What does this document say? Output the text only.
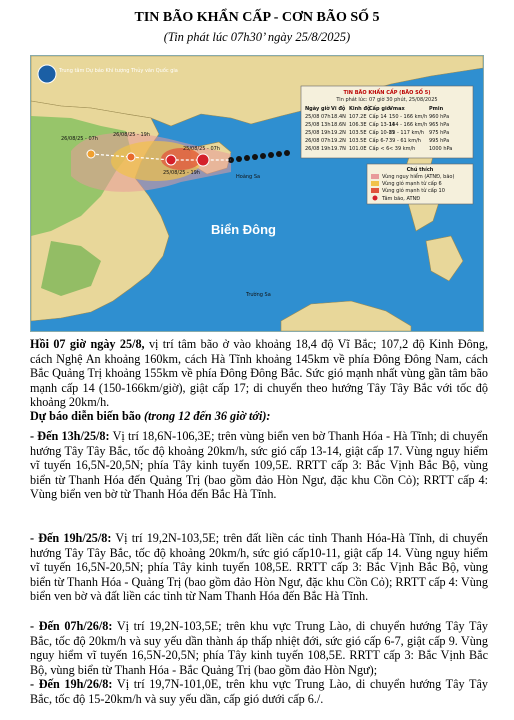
TIN BÃO KHẨN CẤP - CƠN BÃO SỐ 5
(Tin phát lúc 07h30’ ngày 25/8/2025)
26/08/25 - 07h
26/08/25 - 19h
25/08/25 - 19h
25/08/25 - 07h
Biển Đông
Hoàng Sa
Trường Sa
Trung tâm Dự báo Khí tượng Thủy văn Quốc gia
TIN BÃO KHẨN CẤP (BÃO SỐ 5)
Tin phát lúc: 07 giờ 30 phút, 25/08/2025
Ngày giờ Vĩ độ Kinh độ
Cấp gió
Vmax	Pmin
25/08 07h 18.4N 107.2E Cấp 14 150 - 166 km/h 960 hPa
25/08 13h 18.6N 106.3E Cấp 13-14
134 - 166 km/h 965 hPa
25/08 19h 19.2N 103.5E Cấp 10-11
89 - 117 km/h 975 hPa
26/08 07h 19.2N 103.5E Cấp 6-7 39 - 61 km/h 995 hPa
26/08 19h 19.7N 101.0E Cấp < 6 < 39 km/h	1000 hPa
Chú thích
Vùng nguy hiểm (ATNĐ, bão)
Vùng gió mạnh từ cấp 6
Vùng gió mạnh từ cấp 10
Tâm bão, ATNĐ
Hồi 07 giờ ngày 25/8, vị trí tâm bão ở vào khoảng 18,4 độ Vĩ Bắc; 107,2 độ Kinh Đông, cách Nghệ An khoảng 160km, cách Hà Tĩnh khoảng 145km về phía Đông Đông Nam, cách Bắc Quảng Trị khoảng 155km về phía Đông Đông Bắc. Sức gió mạnh nhất vùng gần tâm bão mạnh cấp 14 (150-166km/giờ), giật cấp 17; di chuyển theo hướng Tây Tây Bắc với tốc độ khoảng 20km/h.
Dự báo diễn biến bão (trong 12 đến 36 giờ tới):
- Đến 13h/25/8: Vị trí 18,6N-106,3E; trên vùng biển ven bờ Thanh Hóa - Hà Tĩnh; di chuyển hướng Tây Tây Bắc, tốc độ khoảng 20km/h, sức gió cấp 13-14, giật cấp 17. Vùng nguy hiểm vĩ tuyến 16,5N-20,5N; phía Tây kinh tuyến 109,5E. RRTT cấp 3: Bắc Vịnh Bắc Bộ, vùng biển từ Thanh Hóa đến Quảng Trị (bao gồm đảo Hòn Ngư, đặc khu Cồn Cỏ); RRTT cấp 4: Vùng biển ven bờ từ Thanh Hóa đến Bắc Hà Tĩnh.
- Đến 19h/25/8: Vị trí 19,2N-103,5E; trên đất liền các tỉnh Thanh Hóa-Hà Tĩnh, di chuyển hướng Tây Tây Bắc, tốc độ khoảng 20km/h, sức gió cấp10-11, giật cấp 14. Vùng nguy hiểm vĩ tuyến 16,5N-20,5N; phía Tây kinh tuyến 108,5E. RRTT cấp 3: Bắc Vịnh Bắc Bộ, vùng biển từ Thanh Hóa - Quảng Trị (bao gồm đảo Hòn Ngư, đặc khu Cồn Cỏ); RRTT cấp 4: Vùng biển ven bờ và đất liền các tỉnh từ Nam Thanh Hóa đến Bắc Hà Tĩnh.
- Đến 07h/26/8: Vị trí 19,2N-103,5E; trên khu vực Trung Lào, di chuyển hướng Tây Tây Bắc, tốc độ 20km/h và suy yếu dần thành áp thấp nhiệt đới, sức gió cấp 6-7, giật cấp 9. Vùng nguy hiểm vĩ tuyến 16,5N-20,5N; phía Tây kinh tuyến 108,5E. RRTT cấp 3: Bắc Vịnh Bắc Bộ, vùng biển từ Thanh Hóa - Bắc Quảng Trị (bao gồm đảo Hòn Ngư);
- Đến 19h/26/8: Vị trí 19,7N-101,0E, trên khu vực Trung Lào, di chuyển hướng Tây Tây Bắc, tốc độ 15-20km/h và suy yếu dần, cấp gió dưới cấp 6./.
